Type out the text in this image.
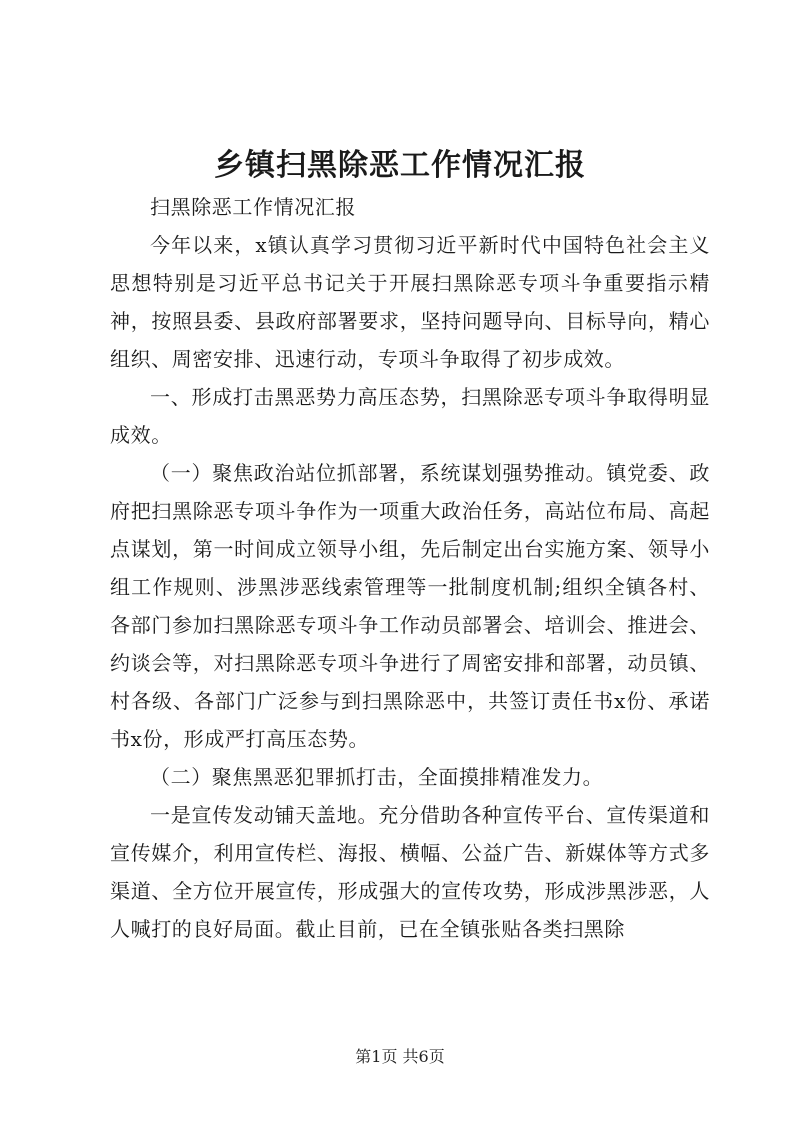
乡镇扫黑除恶工作情况汇报

扫黑除恶工作情况汇报

今年以来，x镇认真学习贯彻习近平新时代中国特色社会主义思想特别是习近平总书记关于开展扫黑除恶专项斗争重要指示精神，按照县委、县政府部署要求，坚持问题导向、目标导向，精心组织、周密安排、迅速行动，专项斗争取得了初步成效。

一、形成打击黑恶势力高压态势，扫黑除恶专项斗争取得明显成效。

（一）聚焦政治站位抓部署，系统谋划强势推动。镇党委、政府把扫黑除恶专项斗争作为一项重大政治任务，高站位布局、高起点谋划，第一时间成立领导小组，先后制定出台实施方案、领导小组工作规则、涉黑涉恶线索管理等一批制度机制;组织全镇各村、各部门参加扫黑除恶专项斗争工作动员部署会、培训会、推进会、约谈会等，对扫黑除恶专项斗争进行了周密安排和部署，动员镇、村各级、各部门广泛参与到扫黑除恶中，共签订责任书x份、承诺书x份，形成严打高压态势。

（二）聚焦黑恶犯罪抓打击，全面摸排精准发力。

一是宣传发动铺天盖地。充分借助各种宣传平台、宣传渠道和宣传媒介，利用宣传栏、海报、横幅、公益广告、新媒体等方式多渠道、全方位开展宣传，形成强大的宣传攻势，形成涉黑涉恶，人人喊打的良好局面。截止目前，已在全镇张贴各类扫黑除

第1页 共6页
